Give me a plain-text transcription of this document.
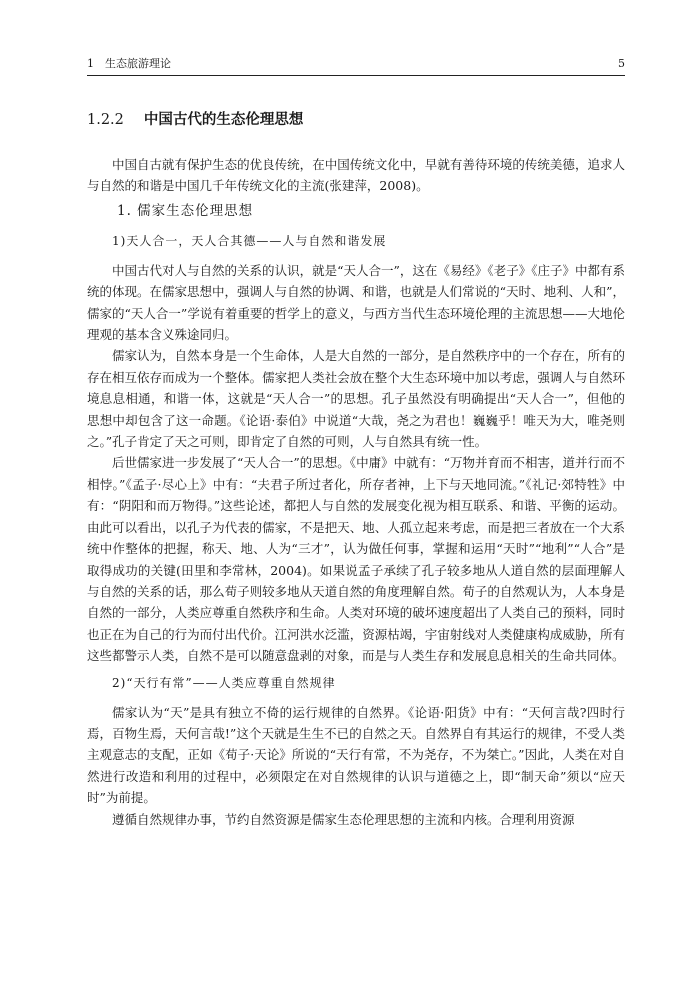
1　生态旅游理论	5
1.2.2 中国古代的生态伦理思想

中国自古就有保护生态的优良传统，在中国传统文化中，早就有善待环境的传统美德，追求人与自然的和谐是中国几千年传统文化的主流(张建萍，2008)。

1. 儒家生态伦理思想
1)天人合一，天人合其德——人与自然和谐发展

中国古代对人与自然的关系的认识，就是“天人合一”，这在《易经》《老子》《庄子》中都有系统的体现。在儒家思想中，强调人与自然的协调、和谐，也就是人们常说的“天时、地利、人和”，儒家的“天人合一”学说有着重要的哲学上的意义，与西方当代生态环境伦理的主流思想——大地伦理观的基本含义殊途同归。

儒家认为，自然本身是一个生命体，人是大自然的一部分，是自然秩序中的一个存在，所有的存在相互依存而成为一个整体。儒家把人类社会放在整个大生态环境中加以考虑，强调人与自然环境息息相通，和谐一体，这就是“天人合一”的思想。孔子虽然没有明确提出“天人合一”，但他的思想中却包含了这一命题。《论语·泰伯》中说道“大哉，尧之为君也！巍巍乎！唯天为大，唯尧则之。”孔子肯定了天之可则，即肯定了自然的可则，人与自然具有统一性。

后世儒家进一步发展了“天人合一”的思想。《中庸》中就有：“万物并育而不相害，道并行而不相悖。”《孟子·尽心上》中有：“夫君子所过者化，所存者神，上下与天地同流。”《礼记·郊特牲》中有：“阴阳和而万物得。”这些论述，都把人与自然的发展变化视为相互联系、和谐、平衡的运动。由此可以看出，以孔子为代表的儒家，不是把天、地、人孤立起来考虑，而是把三者放在一个大系统中作整体的把握，称天、地、人为“三才”，认为做任何事，掌握和运用“天时”“地利”“人合”是取得成功的关键(田里和李常林，2004)。如果说孟子承续了孔子较多地从人道自然的层面理解人与自然的关系的话，那么荀子则较多地从天道自然的角度理解自然。荀子的自然观认为，人本身是自然的一部分，人类应尊重自然秩序和生命。人类对环境的破坏速度超出了人类自己的预料，同时也正在为自己的行为而付出代价。江河洪水泛滥，资源枯竭，宇宙射线对人类健康构成威胁，所有这些都警示人类，自然不是可以随意盘剥的对象，而是与人类生存和发展息息相关的生命共同体。

2)“天行有常”——人类应尊重自然规律

儒家认为“天”是具有独立不倚的运行规律的自然界。《论语·阳货》中有：“天何言哉?四时行焉，百物生焉，天何言哉!”这个天就是生生不已的自然之天。自然界自有其运行的规律，不受人类主观意志的支配，正如《荀子·天论》所说的“天行有常，不为尧存，不为桀亡。”因此，人类在对自然进行改造和利用的过程中，必须限定在对自然规律的认识与道德之上，即“制天命”须以“应天时”为前提。

遵循自然规律办事，节约自然资源是儒家生态伦理思想的主流和内核。合理利用资源
